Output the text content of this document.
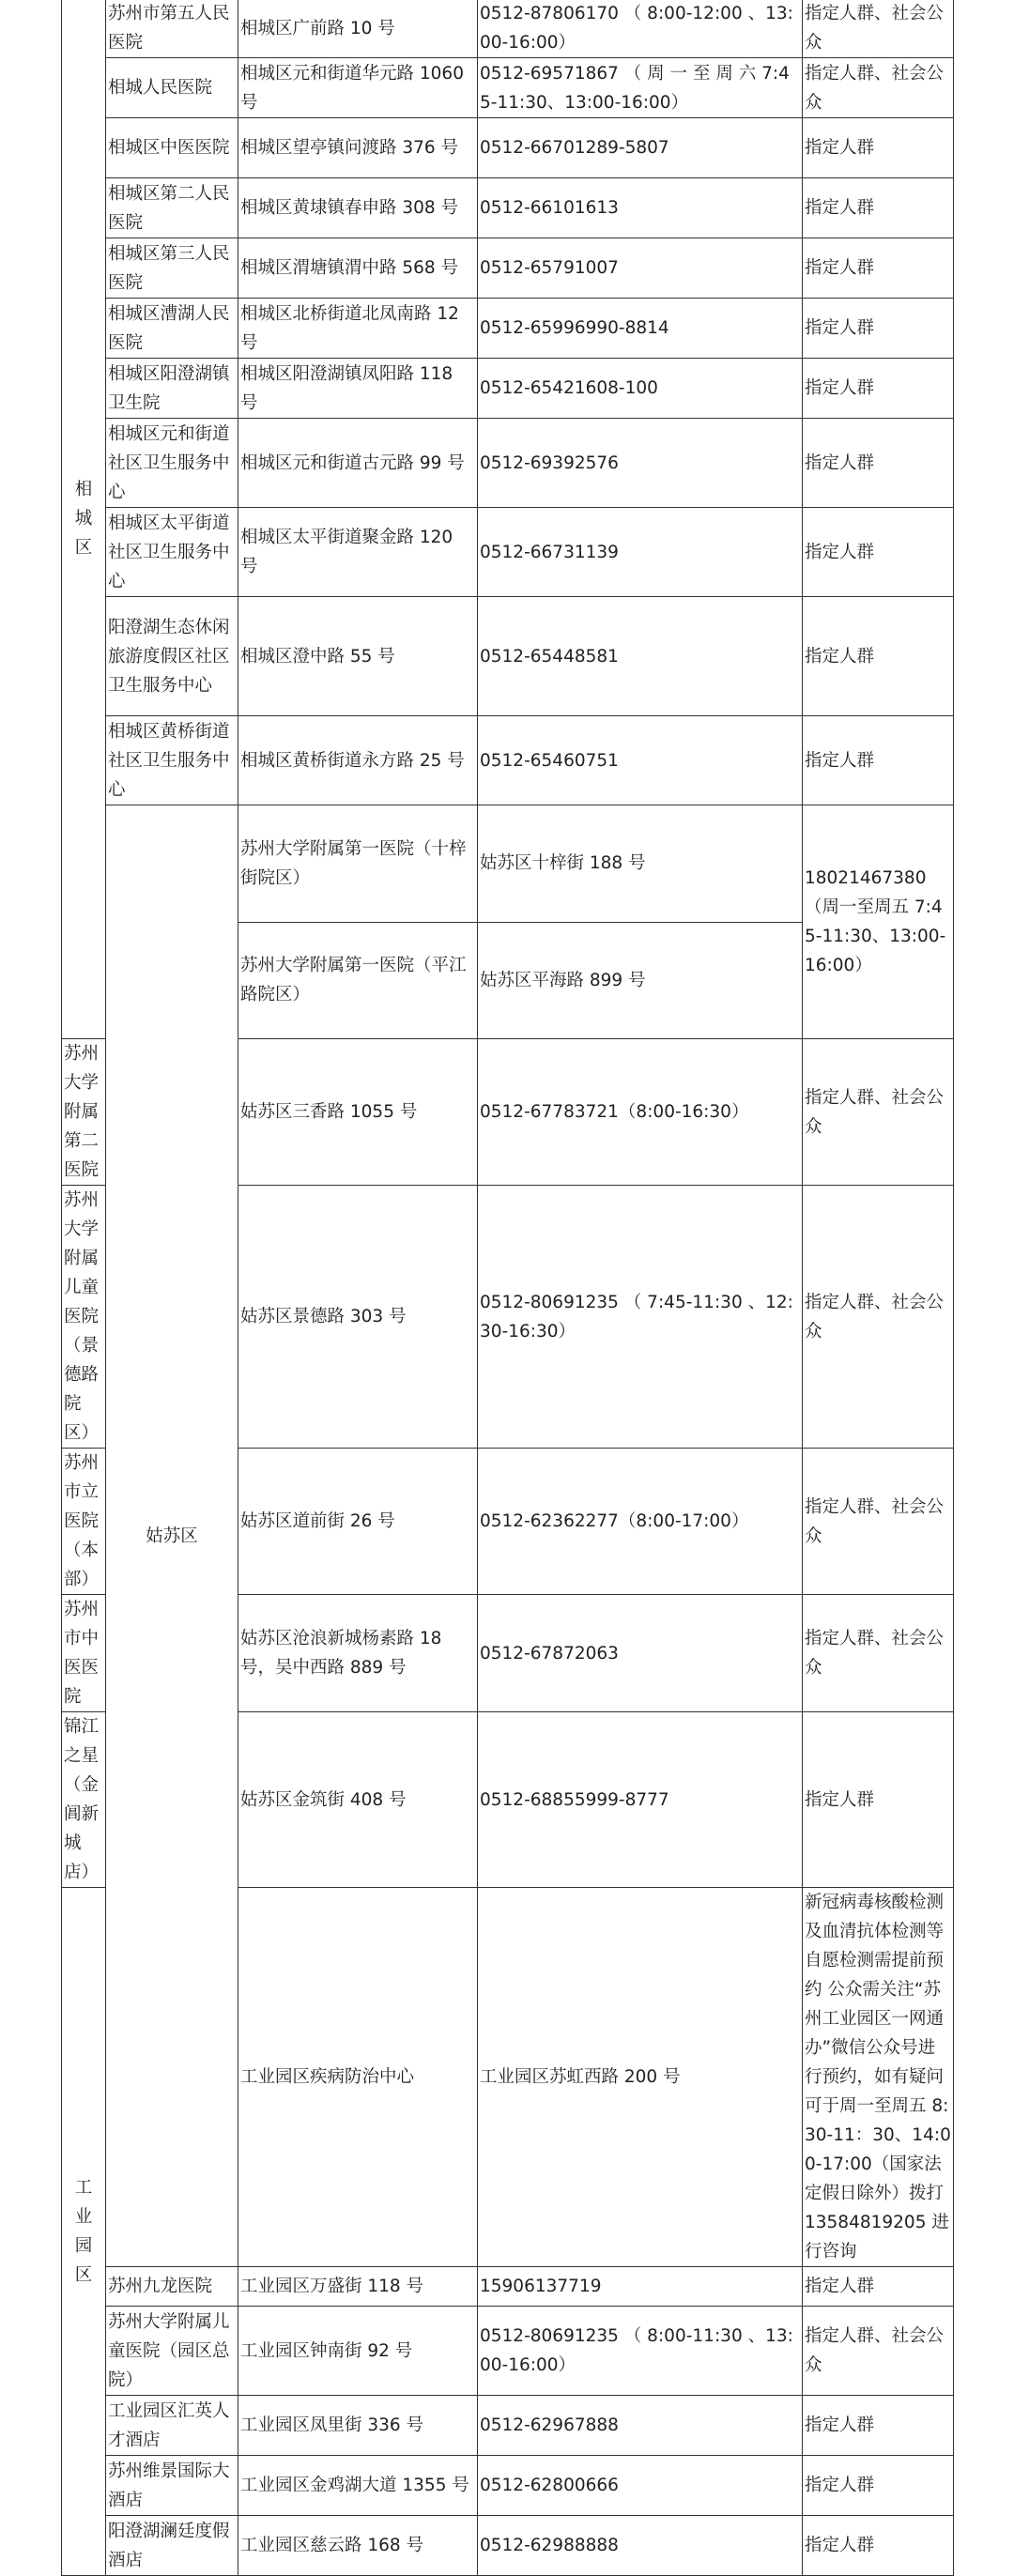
相城区	苏州市第五人民医院	相城区广前路 10 号	0512-87806170 （ 8:00-12:00 、13:00-16:00）	指定人群、社会公众	
	相城人民医院	相城区元和街道华元路 1060 号	0512-69571867 （ 周 一 至 周 六 7:45-11:30、13:00-16:00）	指定人群、社会公众	
	相城区中医医院	相城区望亭镇问渡路 376 号	0512-66701289-5807	指定人群	
	相城区第二人民医院	相城区黄埭镇春申路 308 号	0512-66101613	指定人群	
	相城区第三人民医院	相城区渭塘镇渭中路 568 号	0512-65791007	指定人群	
	相城区漕湖人民医院	相城区北桥街道北凤南路 12 号	0512-65996990-8814	指定人群	
	相城区阳澄湖镇卫生院	相城区阳澄湖镇凤阳路 118 号	0512-65421608-100	指定人群	
	相城区元和街道社区卫生服务中心	相城区元和街道古元路 99 号	0512-69392576	指定人群	
	相城区太平街道社区卫生服务中心	相城区太平街道聚金路 120 号	0512-66731139	指定人群	
	阳澄湖生态休闲旅游度假区社区卫生服务中心	相城区澄中路 55 号	0512-65448581	指定人群	
	相城区黄桥街道社区卫生服务中心	相城区黄桥街道永方路 25 号	0512-65460751	指定人群	
	姑苏区	苏州大学附属第一医院（十梓街院区）	姑苏区十梓街 188 号	18021467380（周一至周五 7:45-11:30、13:00-16:00）	
		苏州大学附属第一医院（平江路院区）	姑苏区平海路 899 号		
苏州大学附属第二医院		姑苏区三香路 1055 号	0512-67783721（8:00-16:30）	指定人群、社会公众	
苏州大学附属儿童医院（景德路院区）		姑苏区景德路 303 号	0512-80691235 （ 7:45-11:30 、12:30-16:30）	指定人群、社会公众	
苏州市立医院（本部）		姑苏区道前街 26 号	0512-62362277（8:00-17:00）	指定人群、社会公众	
苏州市中医医院		姑苏区沧浪新城杨素路 18 号，吴中西路 889 号	0512-67872063	指定人群、社会公众	
锦江之星（金阊新城店）		姑苏区金筑街 408 号	0512-68855999-8777	指定人群	
工业园区		工业园区疾病防治中心	工业园区苏虹西路 200 号	新冠病毒核酸检测及血清抗体检测等自愿检测需提前预约 公众需关注“苏州工业园区一网通办”微信公众号进行预约，如有疑问可于周一至周五 8:30-11：30、14:00-17:00（国家法定假日除外）拨打 13584819205 进行咨询	
	苏州九龙医院	工业园区万盛街 118 号	15906137719	指定人群	
	苏州大学附属儿童医院（园区总院）	工业园区钟南街 92 号	0512-80691235 （ 8:00-11:30 、13:00-16:00）	指定人群、社会公众	
	工业园区汇英人才酒店	工业园区凤里街 336 号	0512-62967888	指定人群	
	苏州维景国际大酒店	工业园区金鸡湖大道 1355 号	0512-62800666	指定人群	
	阳澄湖澜廷度假酒店	工业园区慈云路 168 号	0512-62988888	指定人群	
